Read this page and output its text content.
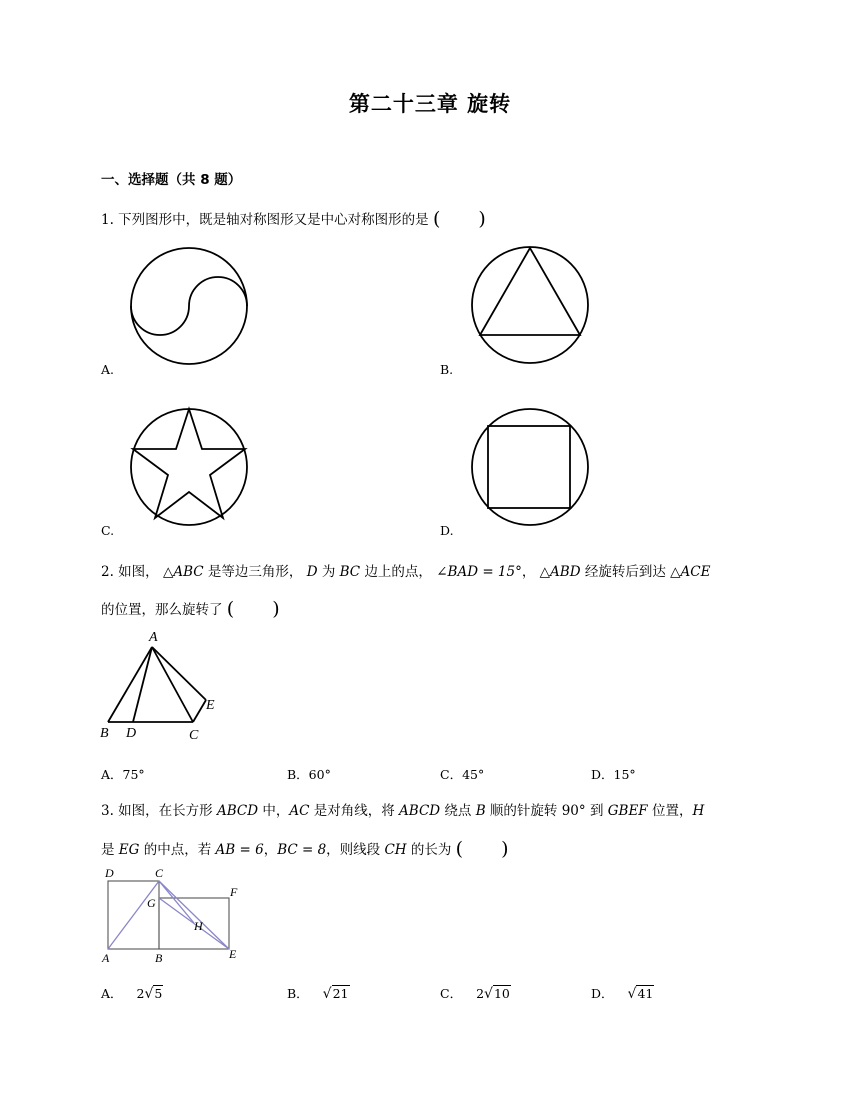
第二十三章 旋转
一、选择题（共 8 题）
1. 下列图形中，既是轴对称图形又是中心对称图形的是 (　　)
A.	B.
C.	D.
2. 如图， △ABC 是等边三角形， D 为 BC 边上的点， ∠BAD = 15°， △ABD 经旋转后到达 △ACE
的位置，那么旋转了 (　　)
A
B D	C
E
A．75°	B．60°	C．45°	D．15°
3. 如图，在长方形 ABCD 中，AC 是对角线，将 ABCD 绕点 B 顺的针旋转 90° 到 GBEF 位置，H
是 EG 的中点，若 AB = 6，BC = 8，则线段 CH 的长为 (　　)
D	C
F
G
H
A	B	E
A． 2√5	B． √21	C． 2√10	D． √41
